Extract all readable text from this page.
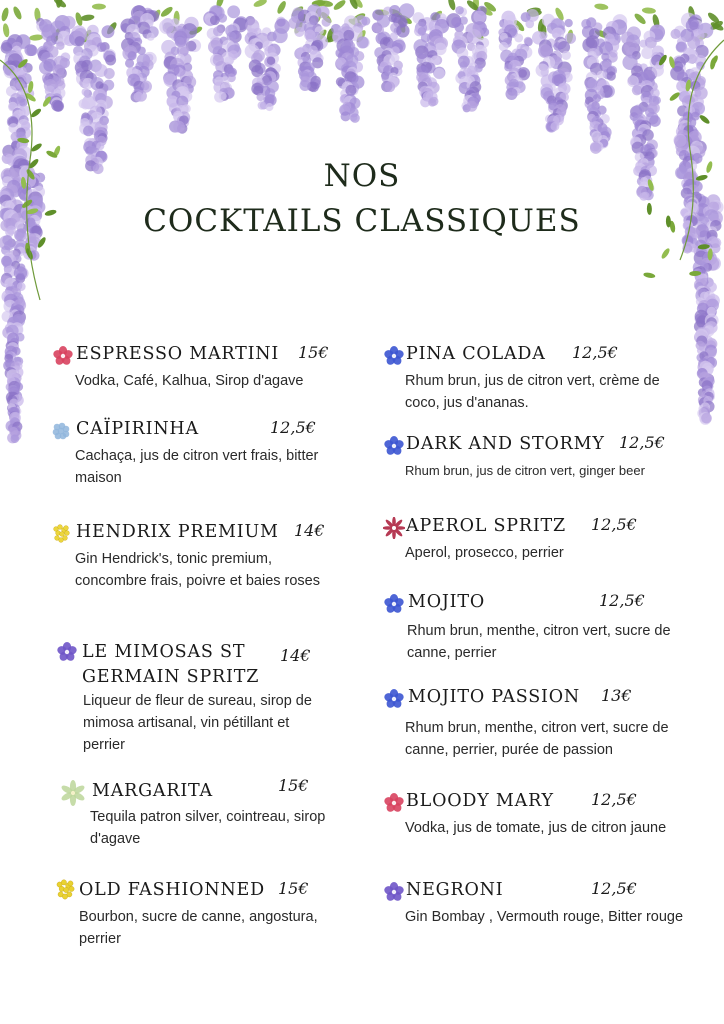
NOS
COCKTAILS CLASSIQUES
ESPRESSO MARTINI 15€
Vodka, Café, Kalhua, Sirop d'agave
CAÏPIRINHA	12,5€
Cachaça, jus de citron vert frais, bitter maison
HENDRIX PREMIUM 14€
Gin Hendrick's, tonic premium, concombre frais, poivre et baies roses
LE MIMOSAS ST GERMAIN SPRITZ
14€
Liqueur de fleur de sureau, sirop de mimosa artisanal, vin pétillant et perrier
MARGARITA	15€
Tequila patron silver, cointreau, sirop d'agave
OLD FASHIONNED 15€
Bourbon, sucre de canne, angostura, perrier
PINA COLADA 12,5€
Rhum brun, jus de citron vert, crème de coco, jus d'ananas.
DARK AND STORMY 12,5€
Rhum brun, jus de citron vert, ginger beer
APEROL SPRITZ 12,5€
Aperol, prosecco, perrier
MOJITO	12,5€
Rhum brun, menthe, citron vert, sucre de canne, perrier
MOJITO PASSION 13€
Rhum brun, menthe, citron vert, sucre de canne, perrier, purée de passion
BLOODY MARY 12,5€
Vodka, jus de tomate, jus de citron jaune
NEGRONI	12,5€
Gin Bombay , Vermouth rouge, Bitter rouge
